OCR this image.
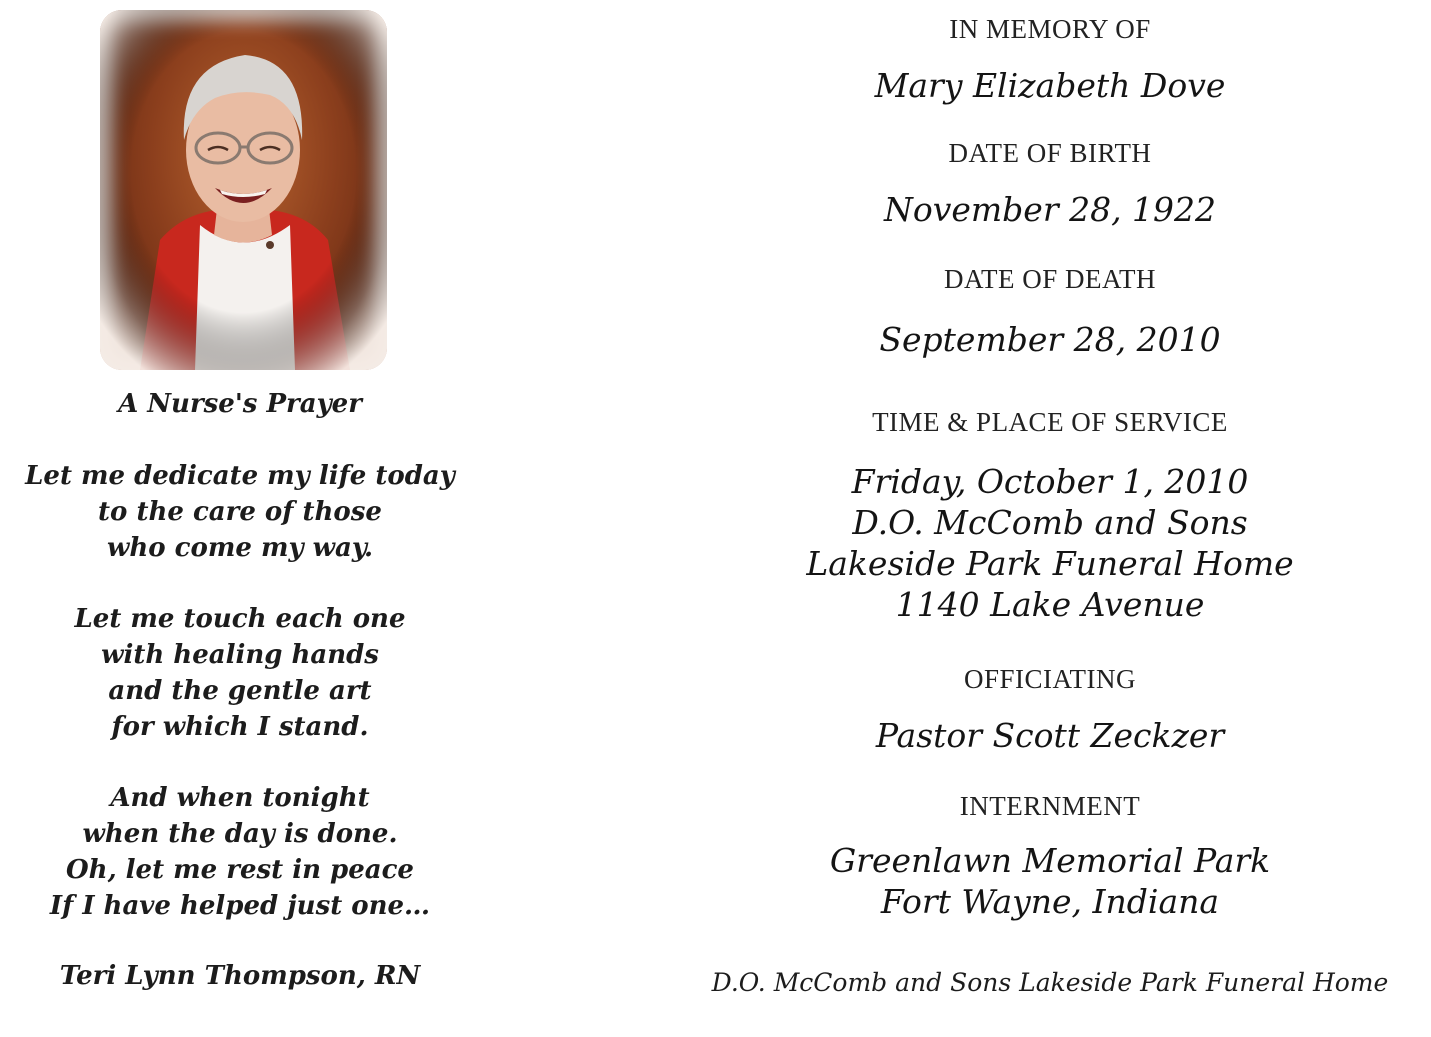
A Nurse's Prayer
Let me dedicate my life today
to the care of those
who come my way.
Let me touch each one
with healing hands
and the gentle art
for which I stand.
And when tonight
when the day is done.
Oh, let me rest in peace
If I have helped just one…
Teri Lynn Thompson, RN
IN MEMORY OF
Mary Elizabeth Dove
DATE OF BIRTH
November 28, 1922
DATE OF DEATH
September 28, 2010
TIME & PLACE OF SERVICE
Friday, October 1, 2010
D.O. McComb and Sons
Lakeside Park Funeral Home
1140 Lake Avenue
OFFICIATING
Pastor Scott Zeckzer
INTERNMENT
Greenlawn Memorial Park
Fort Wayne, Indiana
D.O. McComb and Sons Lakeside Park Funeral Home
